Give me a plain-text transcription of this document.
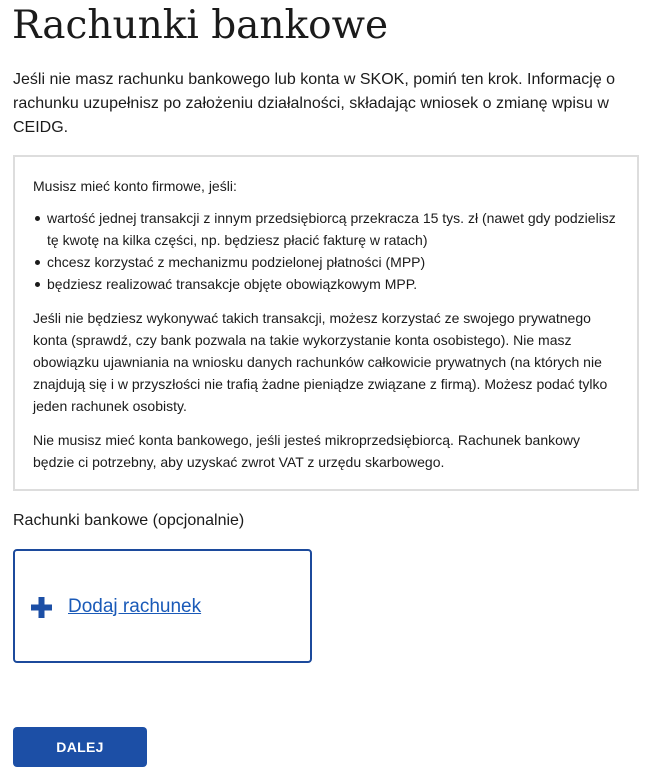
Rachunki bankowe

Jeśli nie masz rachunku bankowego lub konta w SKOK, pomiń ten krok. Informację o rachunku uzupełnisz po założeniu działalności, składając wniosek o zmianę wpisu w CEIDG.

Musisz mieć konto firmowe, jeśli:

wartość jednej transakcji z innym przedsiębiorcą przekracza 15 tys. zł (nawet gdy podzielisz tę kwotę na kilka części, np. będziesz płacić fakturę w ratach)
chcesz korzystać z mechanizmu podzielonej płatności (MPP)
będziesz realizować transakcje objęte obowiązkowym MPP.

Jeśli nie będziesz wykonywać takich transakcji, możesz korzystać ze swojego prywatnego konta (sprawdź, czy bank pozwala na takie wykorzystanie konta osobistego). Nie masz obowiązku ujawniania na wniosku danych rachunków całkowicie prywatnych (na których nie znajdują się i w przyszłości nie trafią żadne pieniądze związane z firmą). Możesz podać tylko jeden rachunek osobisty.

Nie musisz mieć konta bankowego, jeśli jesteś mikroprzedsiębiorcą. Rachunek bankowy będzie ci potrzebny, aby uzyskać zwrot VAT z urzędu skarbowego.

Rachunki bankowe (opcjonalnie)
Dodaj rachunek
DALEJ
